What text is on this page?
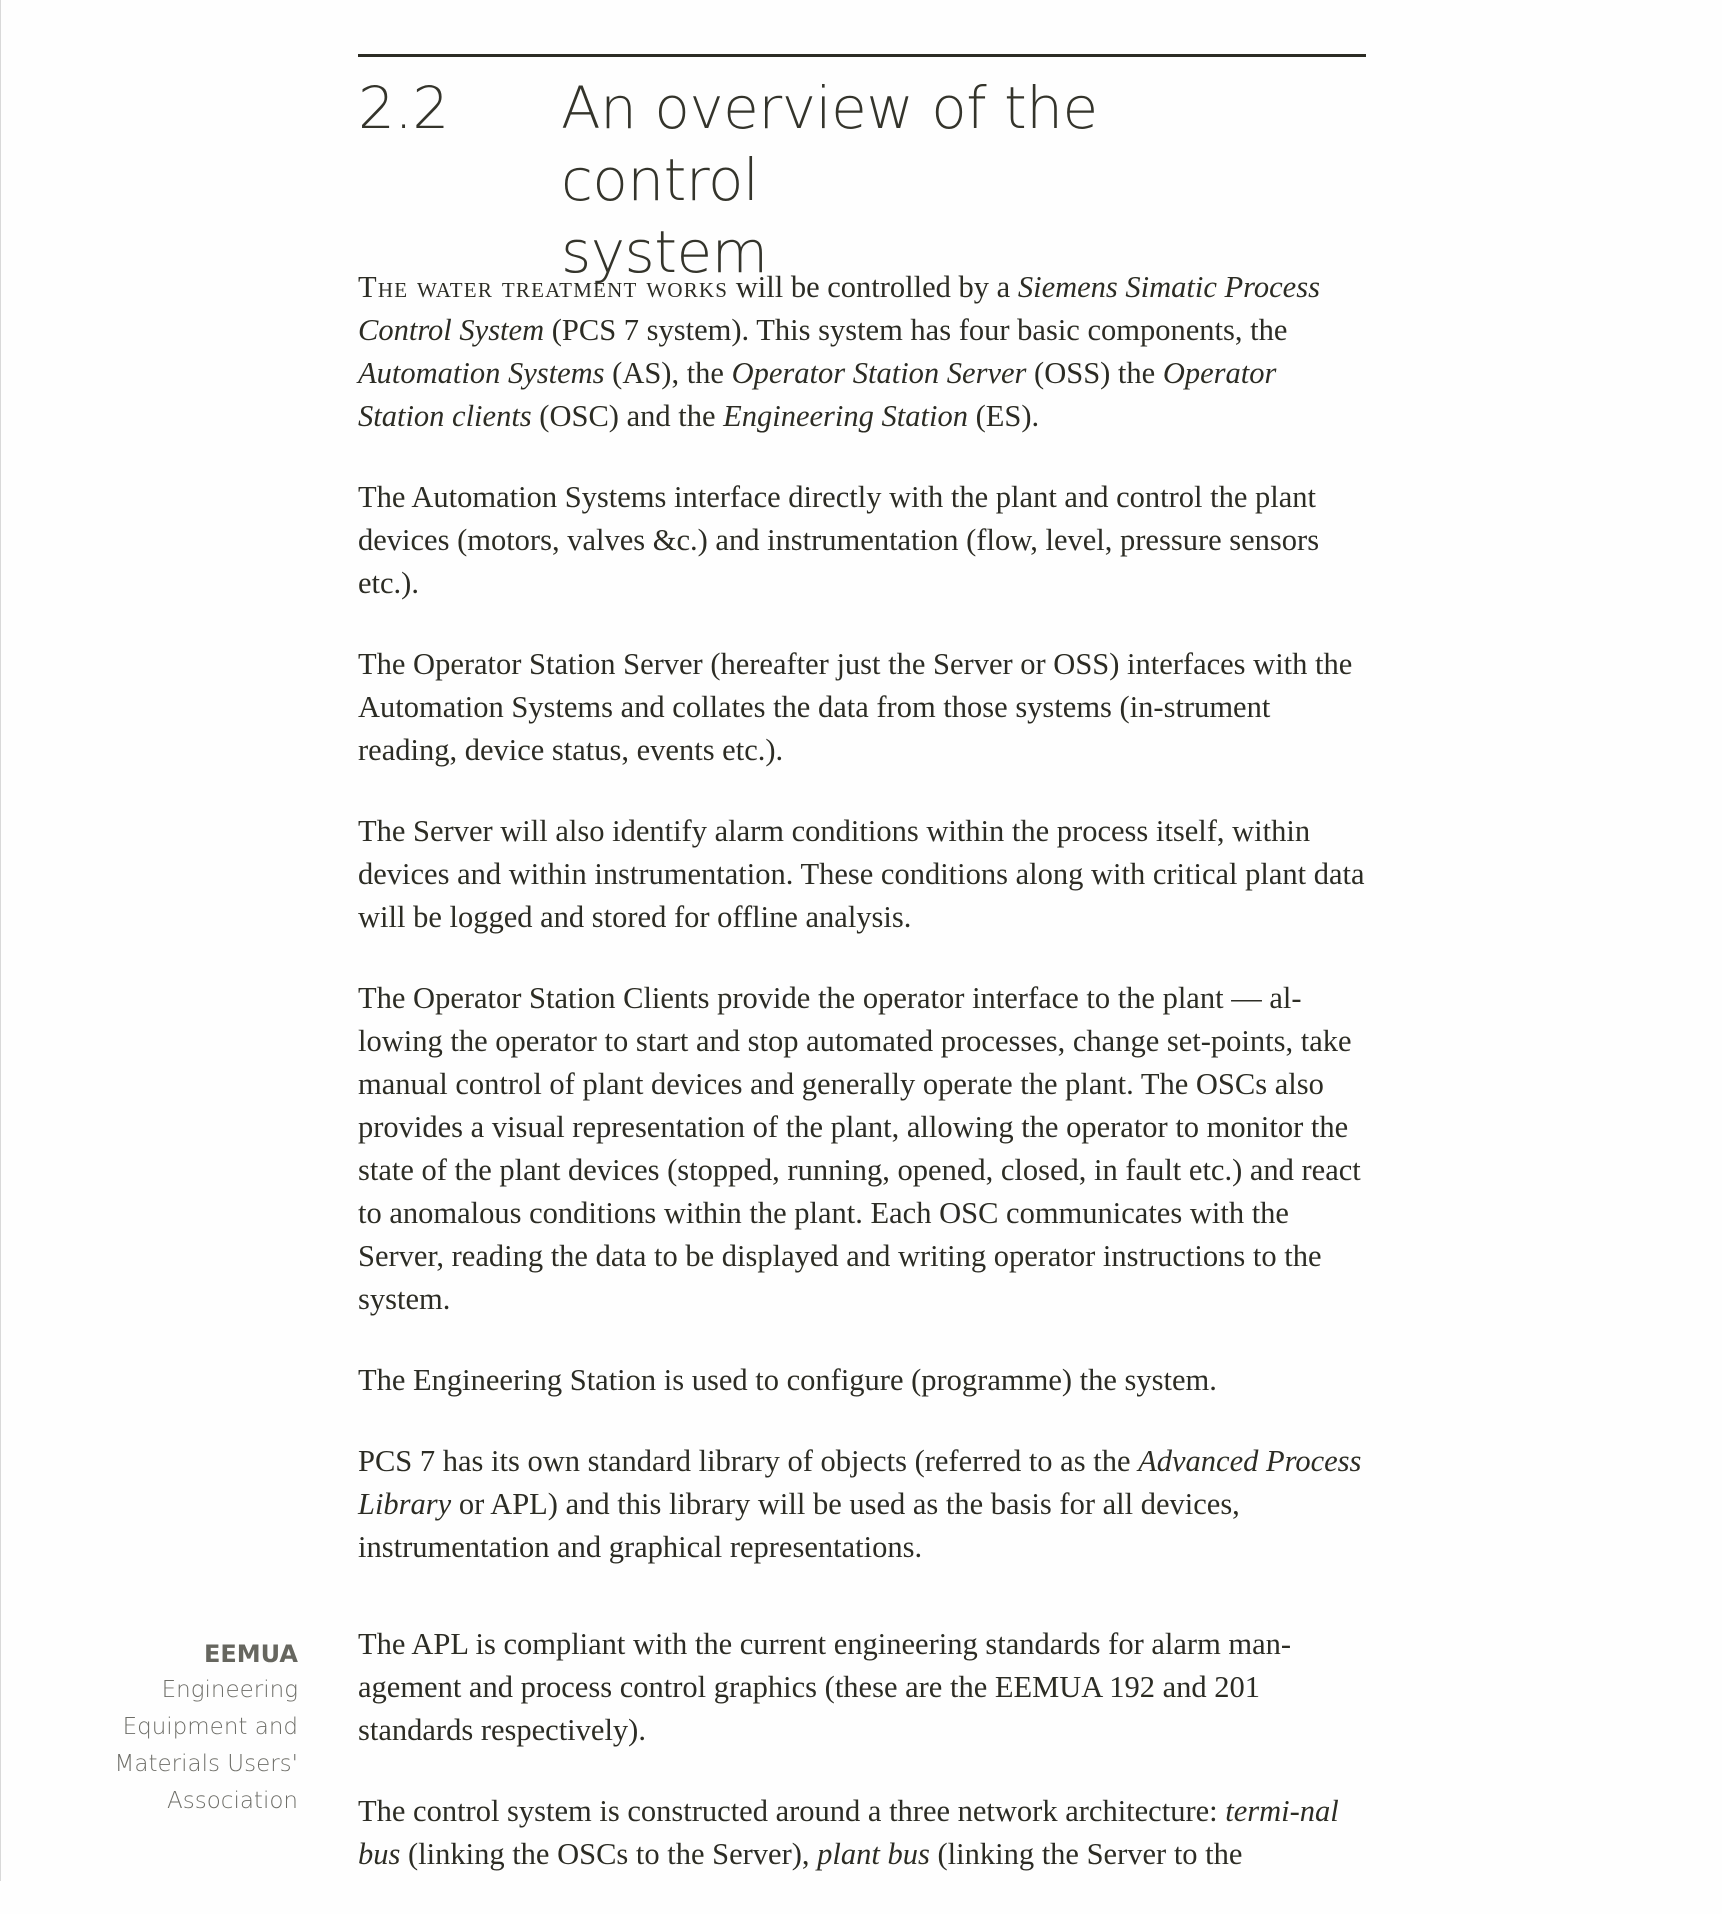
2.2 An overview of the control
system

The water treatment works will be controlled by a Siemens Simatic Process Control System (PCS 7 system). This system has four basic components, the Automation Systems (AS), the Operator Station Server (OSS) the Operator Station clients (OSC) and the Engineering Station (ES).

The Automation Systems interface directly with the plant and control the plant devices (motors, valves &c.) and instrumentation (flow, level, pressure sensors etc.).

The Operator Station Server (hereafter just the Server or OSS) interfaces with the Automation Systems and collates the data from those systems (in-strument reading, device status, events etc.).

The Server will also identify alarm conditions within the process itself, within devices and within instrumentation. These conditions along with critical plant data will be logged and stored for offline analysis.

The Operator Station Clients provide the operator interface to the plant — al-lowing the operator to start and stop automated processes, change set-points, take manual control of plant devices and generally operate the plant. The OSCs also provides a visual representation of the plant, allowing the operator to monitor the state of the plant devices (stopped, running, opened, closed, in fault etc.) and react to anomalous conditions within the plant. Each OSC communicates with the Server, reading the data to be displayed and writing operator instructions to the system.

The Engineering Station is used to configure (programme) the system.

PCS 7 has its own standard library of objects (referred to as the Advanced Process Library or APL) and this library will be used as the basis for all devices, instrumentation and graphical representations.

The APL is compliant with the current engineering standards for alarm man-agement and process control graphics (these are the EEMUA 192 and 201 standards respectively).

The control system is constructed around a three network architecture: termi-nal bus (linking the OSCs to the Server), plant bus (linking the Server to the

EEMUA
Engineering Equipment and Materials Users' Association
